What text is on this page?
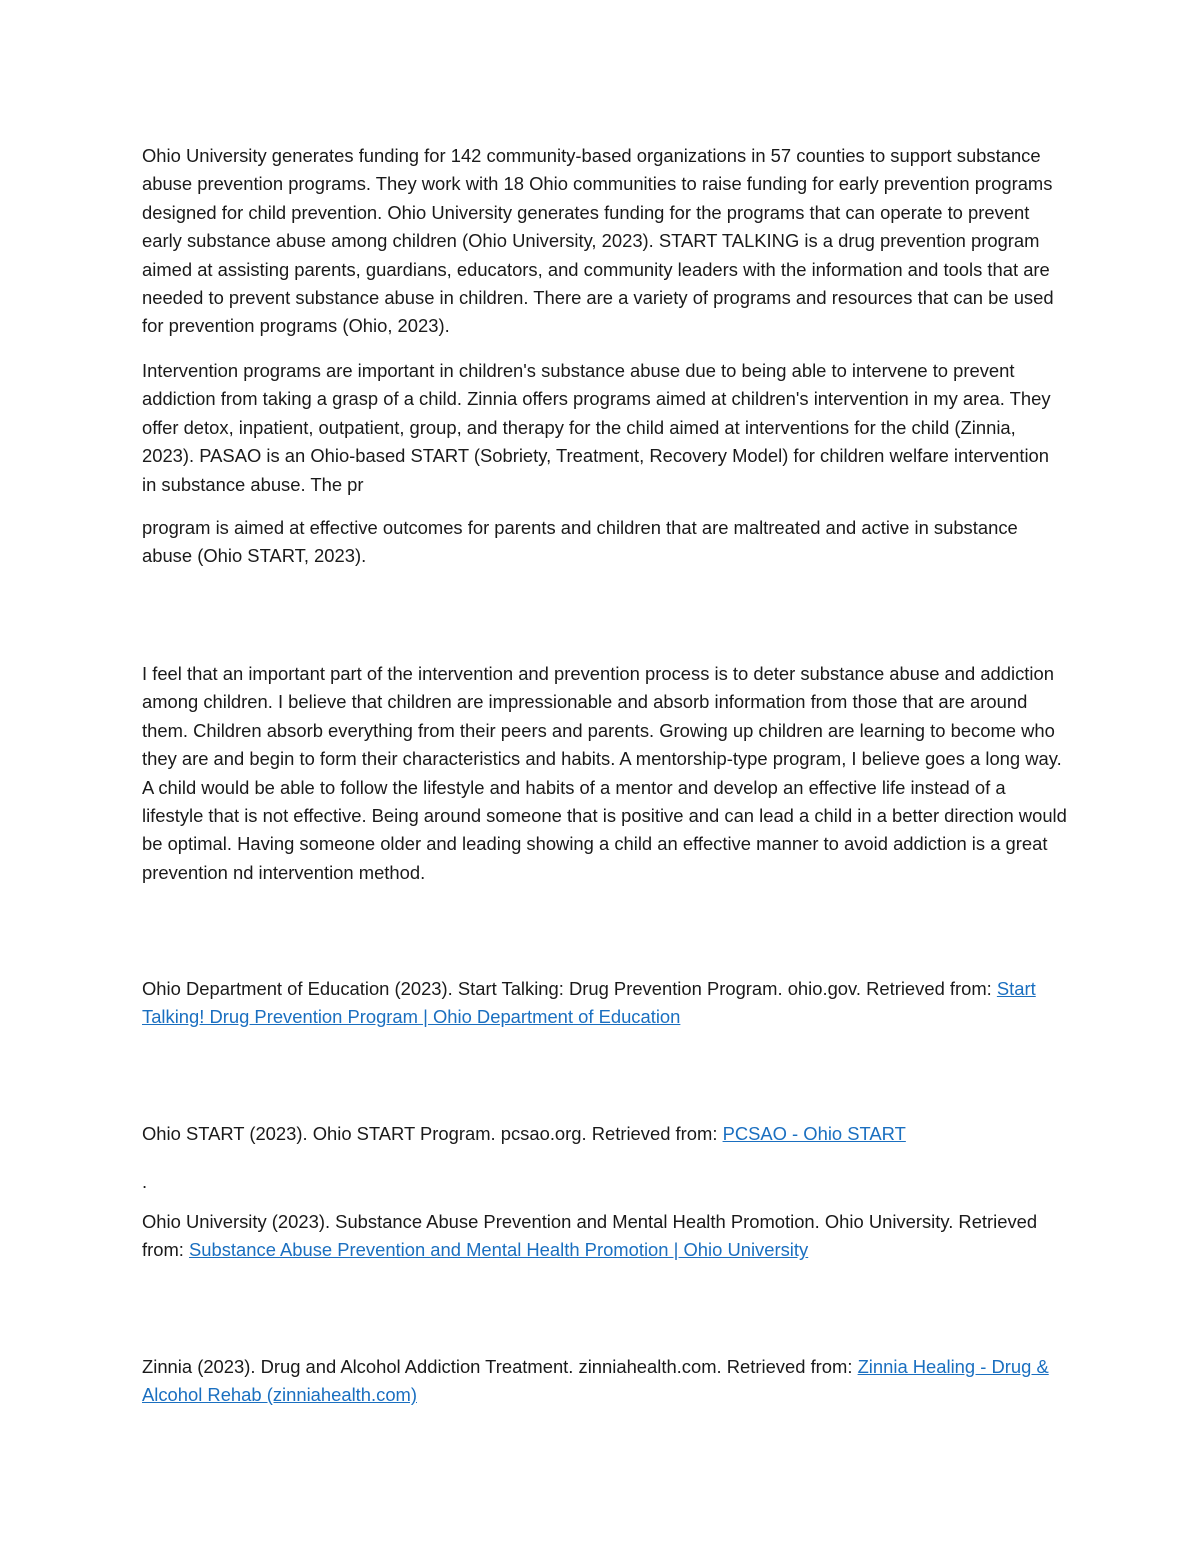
Ohio University generates funding for 142 community-based organizations in 57 counties to support substance abuse prevention programs. They work with 18 Ohio communities to raise funding for early prevention programs designed for child prevention. Ohio University generates funding for the programs that can operate to prevent early substance abuse among children (Ohio University, 2023). START TALKING is a drug prevention program aimed at assisting parents, guardians, educators, and community leaders with the information and tools that are needed to prevent substance abuse in children. There are a variety of programs and resources that can be used for prevention programs (Ohio, 2023).

Intervention programs are important in children's substance abuse due to being able to intervene to prevent addiction from taking a grasp of a child. Zinnia offers programs aimed at children's intervention in my area. They offer detox, inpatient, outpatient, group, and therapy for the child aimed at interventions for the child (Zinnia, 2023). PASAO is an Ohio-based START (Sobriety, Treatment, Recovery Model) for children welfare intervention in substance abuse. The pr

program is aimed at effective outcomes for parents and children that are maltreated and active in substance abuse (Ohio START, 2023).

I feel that an important part of the intervention and prevention process is to deter substance abuse and addiction among children. I believe that children are impressionable and absorb information from those that are around them. Children absorb everything from their peers and parents. Growing up children are learning to become who they are and begin to form their characteristics and habits. A mentorship-type program, I believe goes a long way. A child would be able to follow the lifestyle and habits of a mentor and develop an effective life instead of a lifestyle that is not effective. Being around someone that is positive and can lead a child in a better direction would be optimal. Having someone older and leading showing a child an effective manner to avoid addiction is a great prevention nd intervention method.

Ohio Department of Education (2023). Start Talking: Drug Prevention Program. ohio.gov. Retrieved from: Start Talking! Drug Prevention Program | Ohio Department of Education

Ohio START (2023). Ohio START Program. pcsao.org. Retrieved from: PCSAO - Ohio START

.

Ohio University (2023). Substance Abuse Prevention and Mental Health Promotion. Ohio University. Retrieved from: Substance Abuse Prevention and Mental Health Promotion | Ohio University

Zinnia (2023). Drug and Alcohol Addiction Treatment. zinniahealth.com. Retrieved from: Zinnia Healing - Drug & Alcohol Rehab (zinniahealth.com)
